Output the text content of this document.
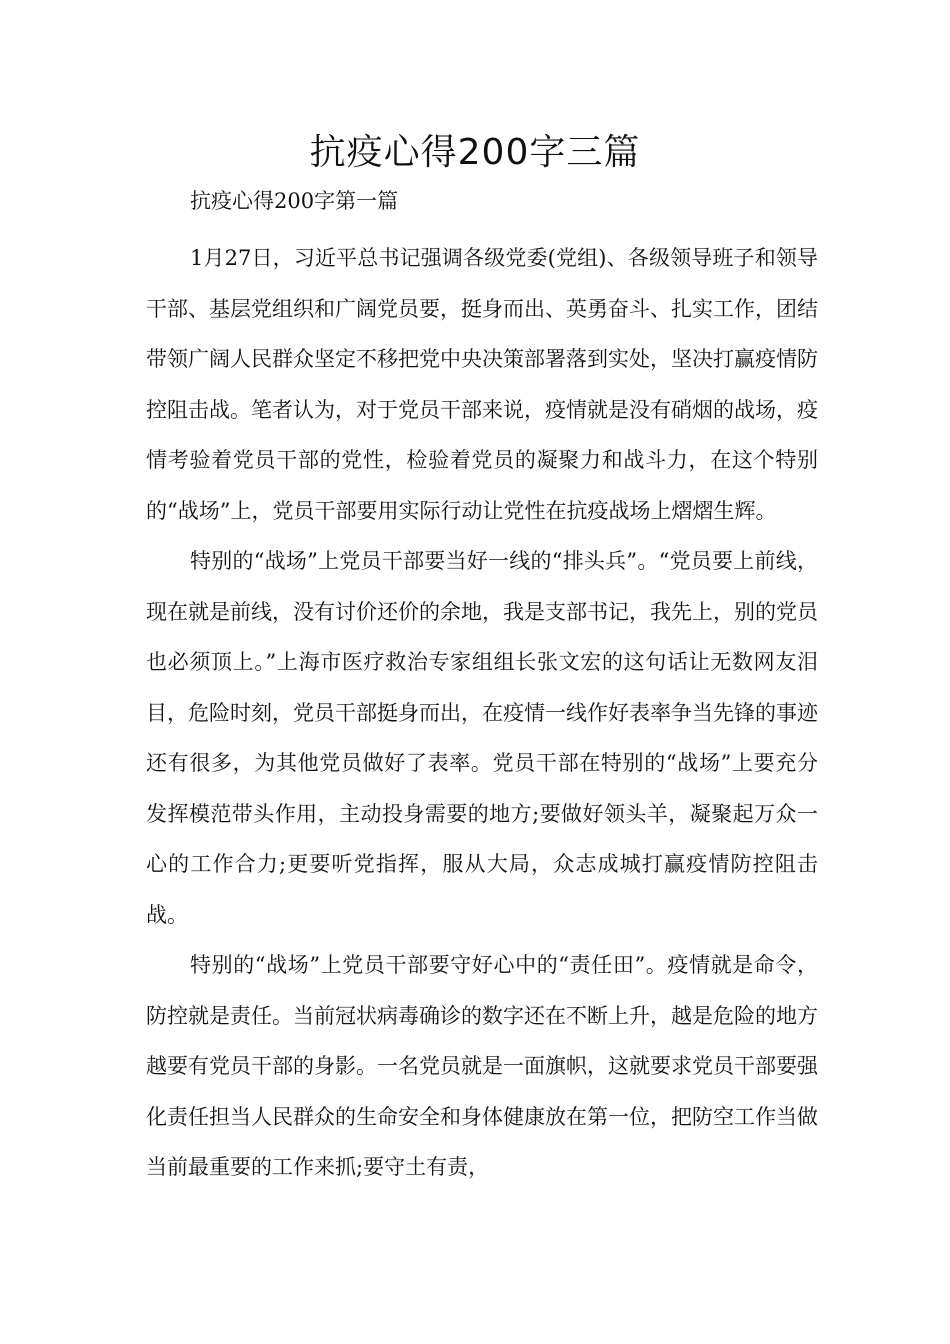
抗疫心得200字三篇
抗疫心得200字第一篇

1月27日，习近平总书记强调各级党委(党组)、各级领导班子和领导干部、基层党组织和广阔党员要，挺身而出、英勇奋斗、扎实工作，团结带领广阔人民群众坚定不移把党中央决策部署落到实处，坚决打赢疫情防控阻击战。笔者认为，对于党员干部来说，疫情就是没有硝烟的战场，疫情考验着党员干部的党性，检验着党员的凝聚力和战斗力，在这个特别的“战场”上，党员干部要用实际行动让党性在抗疫战场上熠熠生辉。

特别的“战场”上党员干部要当好一线的“排头兵”。“党员要上前线，现在就是前线，没有讨价还价的余地，我是支部书记，我先上，别的党员也必须顶上。”上海市医疗救治专家组组长张文宏的这句话让无数网友泪目，危险时刻，党员干部挺身而出，在疫情一线作好表率争当先锋的事迹还有很多，为其他党员做好了表率。党员干部在特别的“战场”上要充分发挥模范带头作用，主动投身需要的地方;要做好领头羊，凝聚起万众一心的工作合力;更要听党指挥，服从大局，众志成城打赢疫情防控阻击战。

特别的“战场”上党员干部要守好心中的“责任田”。疫情就是命令，防控就是责任。当前冠状病毒确诊的数字还在不断上升，越是危险的地方越要有党员干部的身影。一名党员就是一面旗帜，这就要求党员干部要强化责任担当人民群众的生命安全和身体健康放在第一位，把防空工作当做当前最重要的工作来抓;要守土有责，
